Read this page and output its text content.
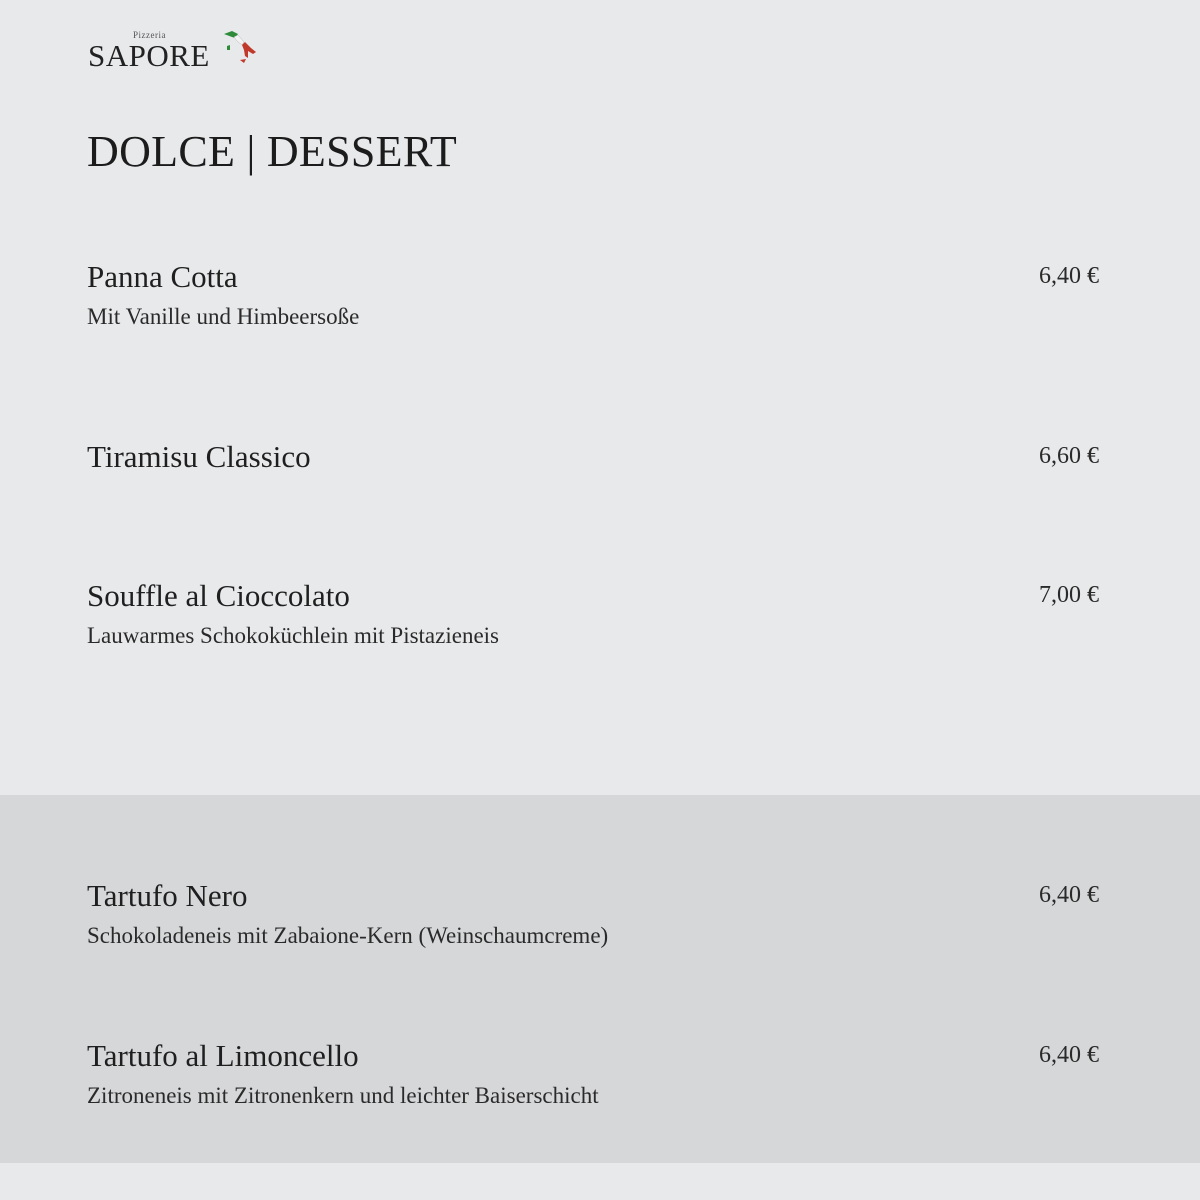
Pizzeria
SAPORE
DOLCE | DESSERT
Panna Cotta
Mit Vanille und Himbeersoße
6,40 €
Tiramisu Classico	6,60 €
Souffle al Cioccolato
Lauwarmes Schokoküchlein mit Pistazieneis
7,00 €
Tartufo Nero
Schokoladeneis mit Zabaione-Kern (Weinschaumcreme)
6,40 €
Tartufo al Limoncello
Zitroneneis mit Zitronenkern und leichter Baiserschicht
6,40 €
